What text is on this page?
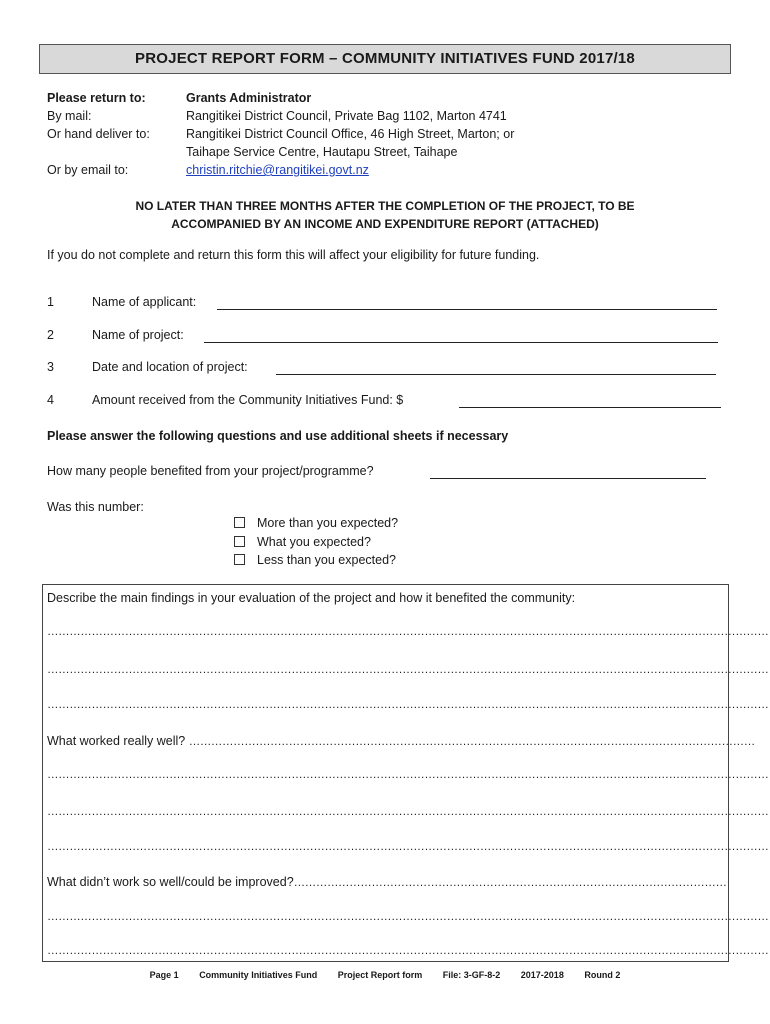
PROJECT REPORT FORM – COMMUNITY INITIATIVES FUND 2017/18
Please return to:	Grants Administrator
By mail:	Rangitikei District Council, Private Bag 1102, Marton 4741
Or hand deliver to:	Rangitikei District Council Office, 46 High Street, Marton; or
Taihape Service Centre, Hautapu Street, Taihape
Or by email to:	christin.ritchie@rangitikei.govt.nz
NO LATER THAN THREE MONTHS AFTER THE COMPLETION OF THE PROJECT, TO BE
ACCOMPANIED BY AN INCOME AND EXPENDITURE REPORT (ATTACHED)
If you do not complete and return this form this will affect your eligibility for future funding.
1	Name of applicant:
2	Name of project:
3	Date and location of project:
4	Amount received from the Community Initiatives Fund: $
Please answer the following questions and use additional sheets if necessary
How many people benefited from your project/programme?
Was this number:
More than you expected?
What you expected?
Less than you expected?
Describe the main findings in your evaluation of the project and how it benefited the community:
……………………………………………………………………………………………………………………………………………………………………………
……………………………………………………………………………………………………………………………………………………………………………
……………………………………………………………………………………………………………………………………………………………………………
What worked really well? ………………………………………………………………………………………………………………………………………
……………………………………………………………………………………………………………………………………………………………………………
……………………………………………………………………………………………………………………………………………………………………………
……………………………………………………………………………………………………………………………………………………………………………
What didn’t work so well/could be improved?………………………………………………………………………………………………………
……………………………………………………………………………………………………………………………………………………………………………
……………………………………………………………………………………………………………………………………………………………………………
Page 1 Community Initiatives Fund Project Report form File: 3-GF-8-2 2017-2018 Round 2
